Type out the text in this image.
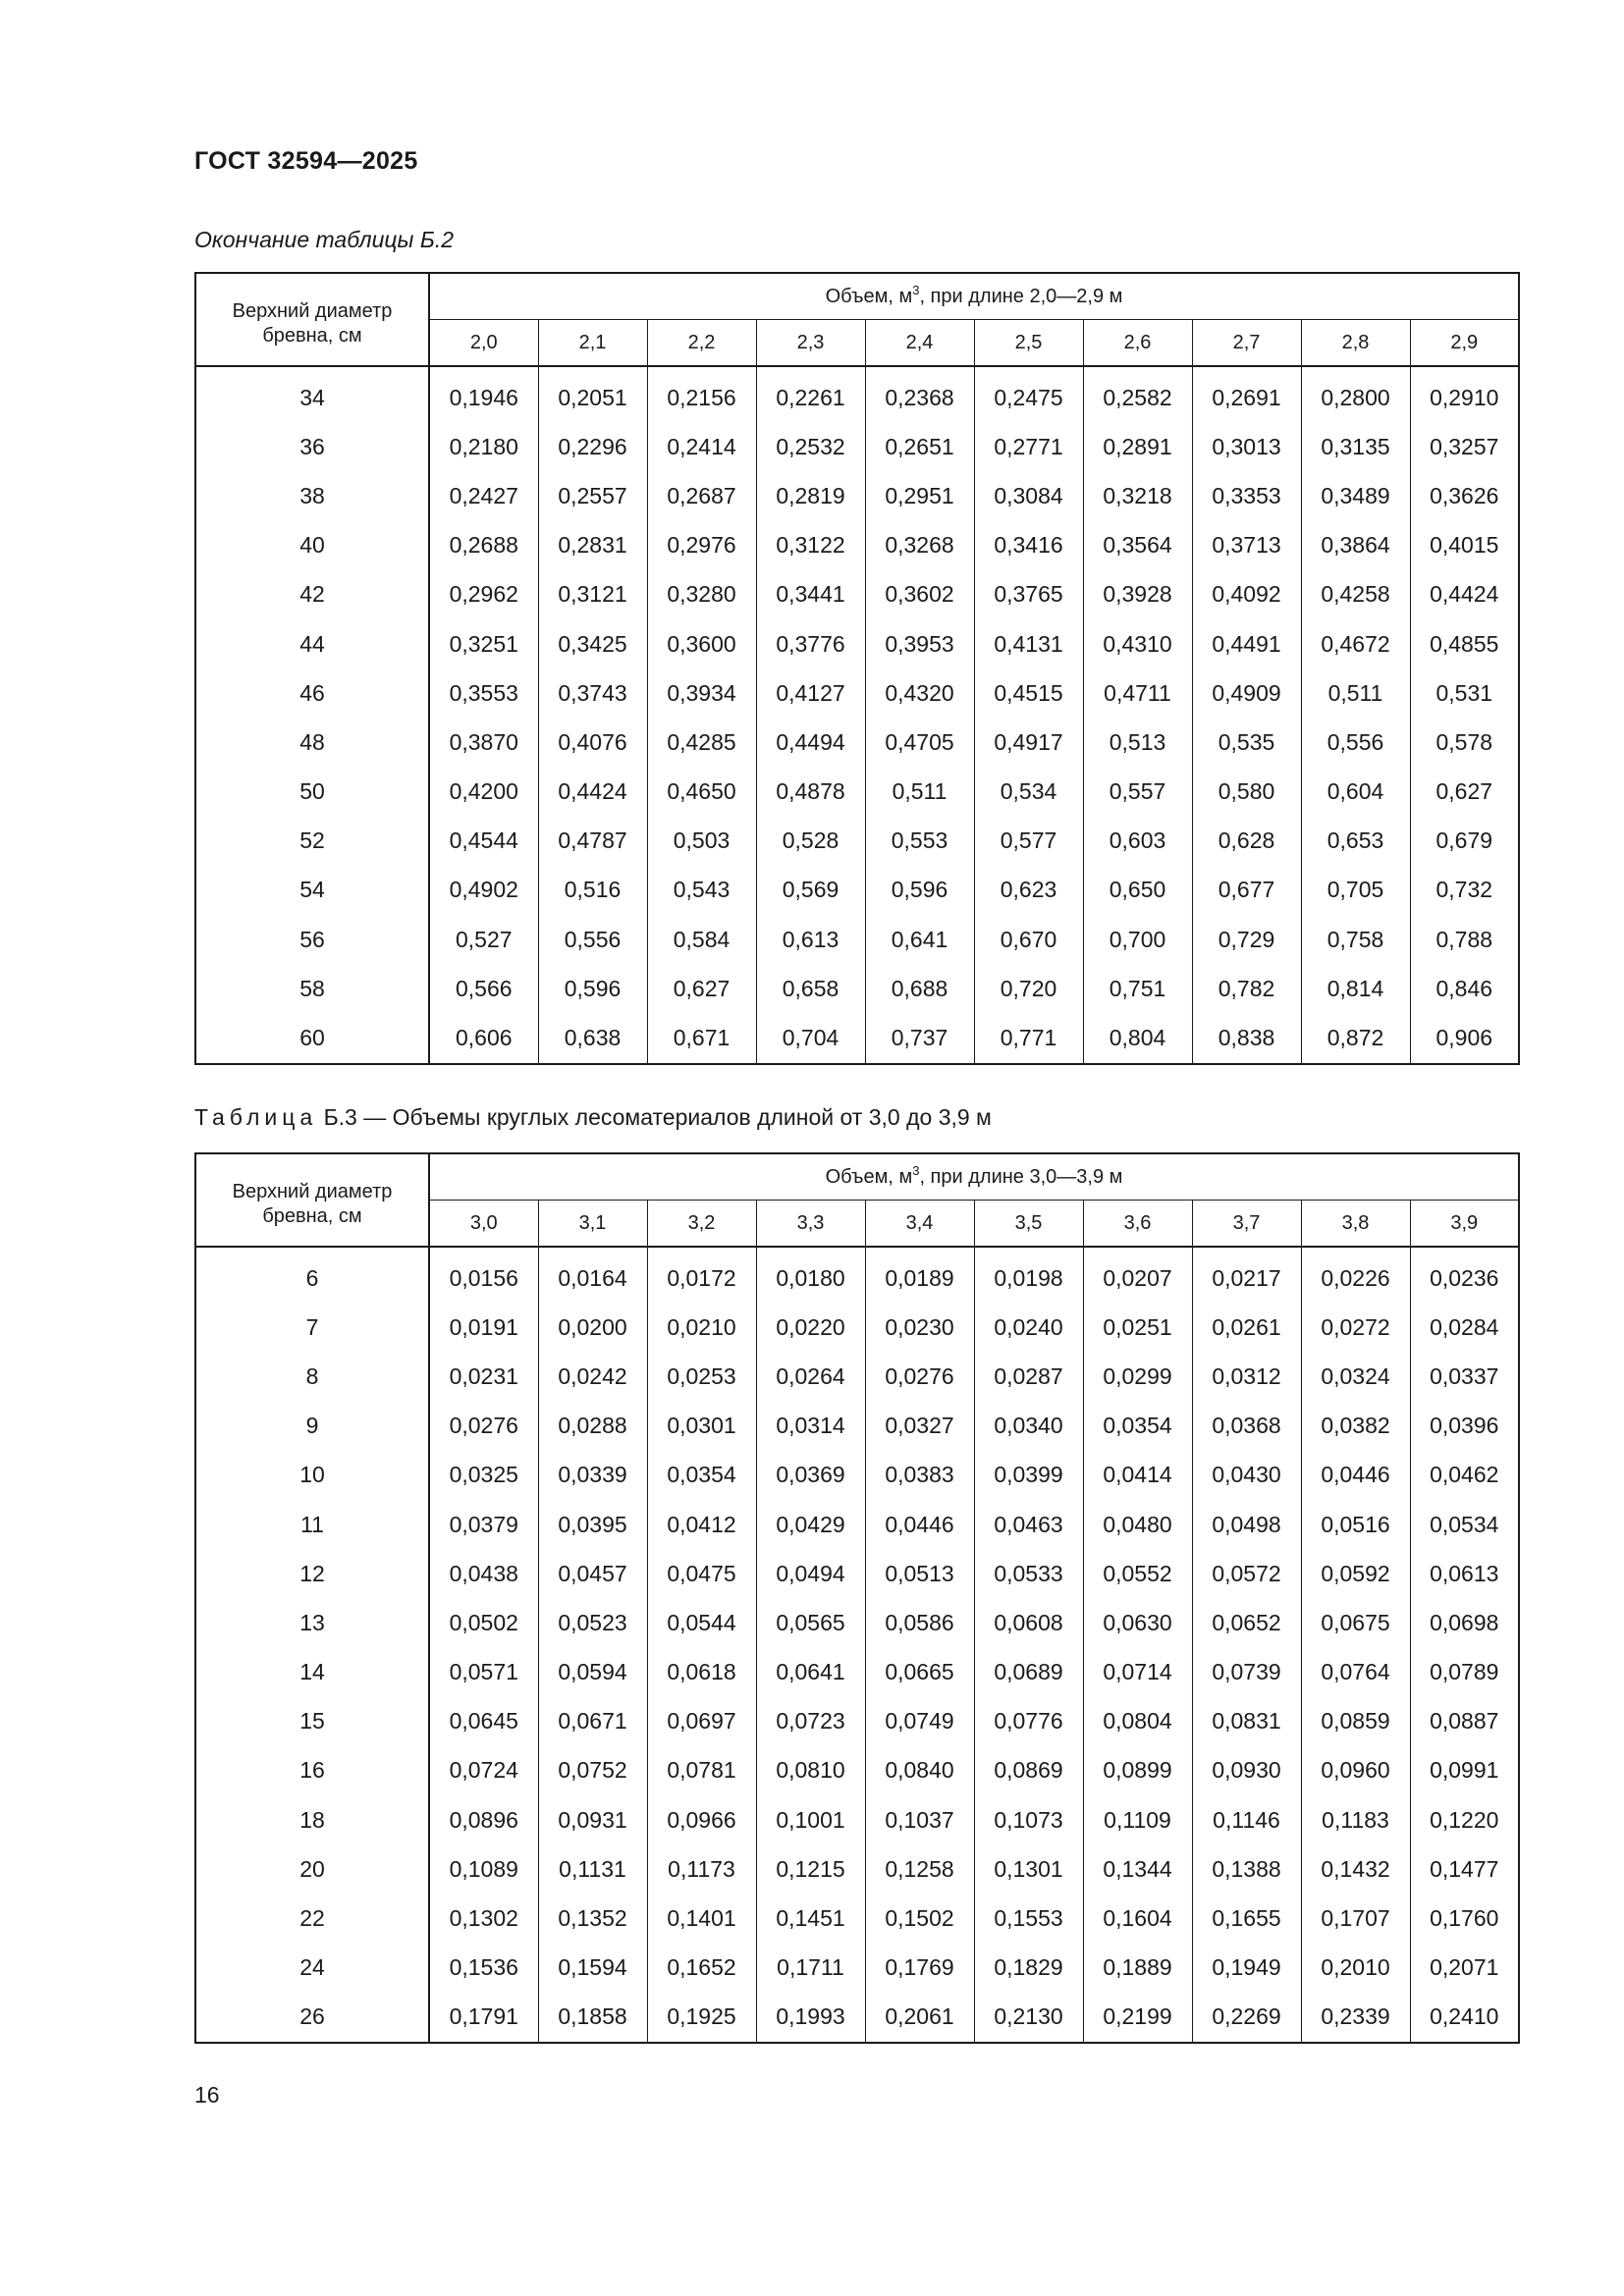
ГОСТ 32594—2025
Окончание таблицы Б.2
Верхний диаметр
бревна, см	Объем, $м^3$, при длине 2,0—2,9 м									
	2,0	2,1	2,2	2,3	2,4	2,5	2,6	2,7	2,8	2,9
34	0,1946	0,2051	0,2156	0,2261	0,2368	0,2475	0,2582	0,2691	0,2800	0,2910
36	0,2180	0,2296	0,2414	0,2532	0,2651	0,2771	0,2891	0,3013	0,3135	0,3257
38	0,2427	0,2557	0,2687	0,2819	0,2951	0,3084	0,3218	0,3353	0,3489	0,3626
40	0,2688	0,2831	0,2976	0,3122	0,3268	0,3416	0,3564	0,3713	0,3864	0,4015
42	0,2962	0,3121	0,3280	0,3441	0,3602	0,3765	0,3928	0,4092	0,4258	0,4424
44	0,3251	0,3425	0,3600	0,3776	0,3953	0,4131	0,4310	0,4491	0,4672	0,4855
46	0,3553	0,3743	0,3934	0,4127	0,4320	0,4515	0,4711	0,4909	0,511	0,531
48	0,3870	0,4076	0,4285	0,4494	0,4705	0,4917	0,513	0,535	0,556	0,578
50	0,4200	0,4424	0,4650	0,4878	0,511	0,534	0,557	0,580	0,604	0,627
52	0,4544	0,4787	0,503	0,528	0,553	0,577	0,603	0,628	0,653	0,679
54	0,4902	0,516	0,543	0,569	0,596	0,623	0,650	0,677	0,705	0,732
56	0,527	0,556	0,584	0,613	0,641	0,670	0,700	0,729	0,758	0,788
58	0,566	0,596	0,627	0,658	0,688	0,720	0,751	0,782	0,814	0,846
60	0,606	0,638	0,671	0,704	0,737	0,771	0,804	0,838	0,872	0,906
Таблица Б.3 — Объемы круглых лесоматериалов длиной от 3,0 до 3,9 м
Верхний диаметр
бревна, см	Объем, $м^3$, при длине 3,0—3,9 м									
	3,0	3,1	3,2	3,3	3,4	3,5	3,6	3,7	3,8	3,9
6	0,0156	0,0164	0,0172	0,0180	0,0189	0,0198	0,0207	0,0217	0,0226	0,0236
7	0,0191	0,0200	0,0210	0,0220	0,0230	0,0240	0,0251	0,0261	0,0272	0,0284
8	0,0231	0,0242	0,0253	0,0264	0,0276	0,0287	0,0299	0,0312	0,0324	0,0337
9	0,0276	0,0288	0,0301	0,0314	0,0327	0,0340	0,0354	0,0368	0,0382	0,0396
10	0,0325	0,0339	0,0354	0,0369	0,0383	0,0399	0,0414	0,0430	0,0446	0,0462
11	0,0379	0,0395	0,0412	0,0429	0,0446	0,0463	0,0480	0,0498	0,0516	0,0534
12	0,0438	0,0457	0,0475	0,0494	0,0513	0,0533	0,0552	0,0572	0,0592	0,0613
13	0,0502	0,0523	0,0544	0,0565	0,0586	0,0608	0,0630	0,0652	0,0675	0,0698
14	0,0571	0,0594	0,0618	0,0641	0,0665	0,0689	0,0714	0,0739	0,0764	0,0789
15	0,0645	0,0671	0,0697	0,0723	0,0749	0,0776	0,0804	0,0831	0,0859	0,0887
16	0,0724	0,0752	0,0781	0,0810	0,0840	0,0869	0,0899	0,0930	0,0960	0,0991
18	0,0896	0,0931	0,0966	0,1001	0,1037	0,1073	0,1109	0,1146	0,1183	0,1220
20	0,1089	0,1131	0,1173	0,1215	0,1258	0,1301	0,1344	0,1388	0,1432	0,1477
22	0,1302	0,1352	0,1401	0,1451	0,1502	0,1553	0,1604	0,1655	0,1707	0,1760
24	0,1536	0,1594	0,1652	0,1711	0,1769	0,1829	0,1889	0,1949	0,2010	0,2071
26	0,1791	0,1858	0,1925	0,1993	0,2061	0,2130	0,2199	0,2269	0,2339	0,2410
16
